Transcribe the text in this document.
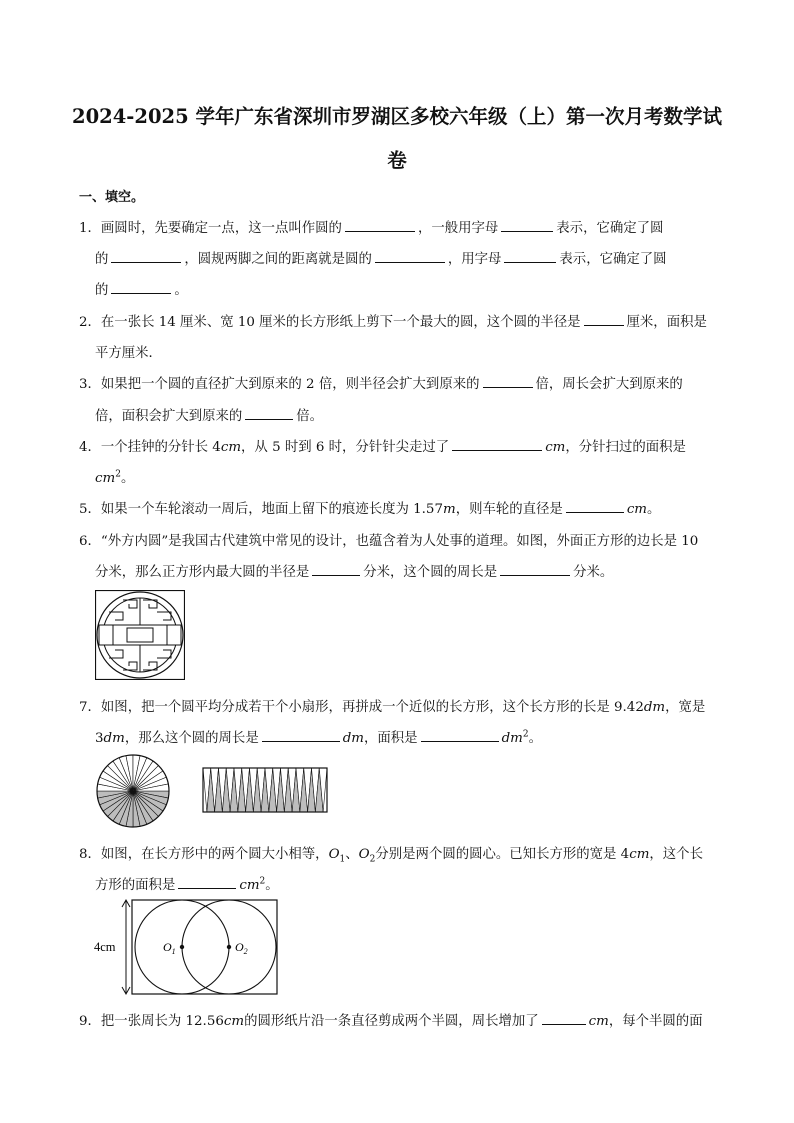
2024-2025 学年广东省深圳市罗湖区多校六年级（上）第一次月考数学试
卷
一、填空。
1．画圆时，先要确定一点，这一点叫作圆的	，一般用字母	表示，它确定了圆
的	，圆规两脚之间的距离就是圆的	，用字母	表示，它确定了圆
的	。
2．在一张长 14 厘米、宽 10 厘米的长方形纸上剪下一个最大的圆，这个圆的半径是	厘米，面积是
平方厘米．
3．如果把一个圆的直径扩大到原来的 2 倍，则半径会扩大到原来的	倍，周长会扩大到原来的
倍，面积会扩大到原来的	倍。
4．一个挂钟的分针长 4cm，从 5 时到 6 时，分针针尖走过了	cm，分针扫过的面积是
$cm^2$。
5．如果一个车轮滚动一周后，地面上留下的痕迹长度为 1.57m，则车轮的直径是	cm。
6．“外方内圆”是我国古代建筑中常见的设计，也蕴含着为人处事的道理。如图，外面正方形的边长是 10
分米，那么正方形内最大圆的半径是	分米，这个圆的周长是	分米。
7．如图，把一个圆平均分成若干个小扇形，再拼成一个近似的长方形，这个长方形的长是 9.42dm，宽是
3dm，那么这个圆的周长是	dm，面积是	$dm^2$。
8．如图，在长方形中的两个圆大小相等，$O_1$、$O_2$分别是两个圆的圆心。已知长方形的宽是 4cm，这个长
方形的面积是	$cm^2$。
4cm	$O_1$	$O_2$
9．把一张周长为 12.56cm的圆形纸片沿一条直径剪成两个半圆，周长增加了	cm，每个半圆的面
